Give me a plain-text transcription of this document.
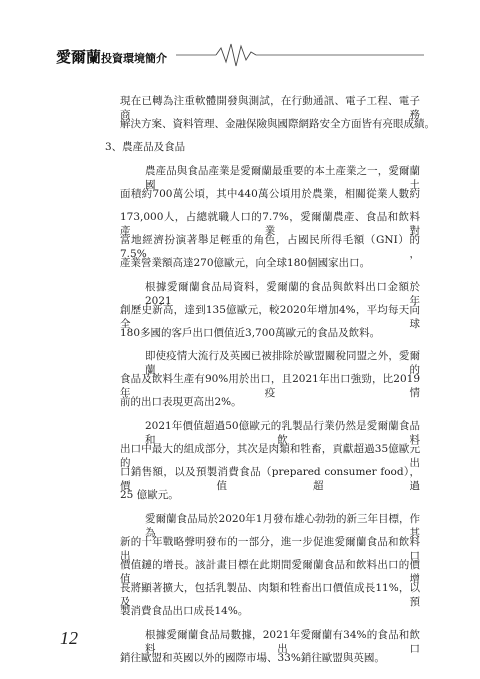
愛爾蘭投資環境簡介
現在已轉為注重軟體開發與測試，在行動通訊、電子工程、電子商務
解決方案、資料管理、金融保險與國際網路安全方面皆有亮眼成績。
3、農產品及食品
農產品與食品產業是愛爾蘭最重要的本土產業之一，愛爾蘭國土
面積約700萬公頃，其中440萬公頃用於農業，相關從業人數約
173,000人，占總就職人口的7.7%，愛爾蘭農產、食品和飲料產業對
當地經濟扮演著舉足輕重的角色，占國民所得毛額（GNI）的7.5%，
產業營業額高達270億歐元，向全球180個國家出口。
根據愛爾蘭食品局資料，愛爾蘭的食品與飲料出口金額於2021年
創歷史新高，達到135億歐元，較2020年增加4%，平均每天向全球
180多國的客戶出口價值近3,700萬歐元的食品及飲料。
即使疫情大流行及英國已被排除於歐盟關稅同盟之外，愛爾蘭的
食品及飲料生產有90%用於出口，且2021年出口強勁，比2019年疫情
前的出口表現更高出2%。
2021年價值超過50億歐元的乳製品行業仍然是愛爾蘭食品和飲料
出口中最大的組成部分，其次是肉類和牲畜，貢獻超過35億歐元的出
口銷售額，以及預製消費食品（prepared consumer food），價值超過
25 億歐元。
愛爾蘭食品局於2020年1月發布雄心勃勃的新三年目標，作為其
新的十年戰略聲明發布的一部分，進一步促進愛爾蘭食品和飲料出口
價值鏈的增長。該計畫目標在此期間愛爾蘭食品和飲料出口的價值增
長將顯著擴大，包括乳製品、肉類和牲畜出口價值成長11%，以及預
製消費食品出口成長14%。
根據愛爾蘭食品局數據，2021年愛爾蘭有34%的食品和飲料出口
銷往歐盟和英國以外的國際市場、33%銷往歐盟與英國。
12
